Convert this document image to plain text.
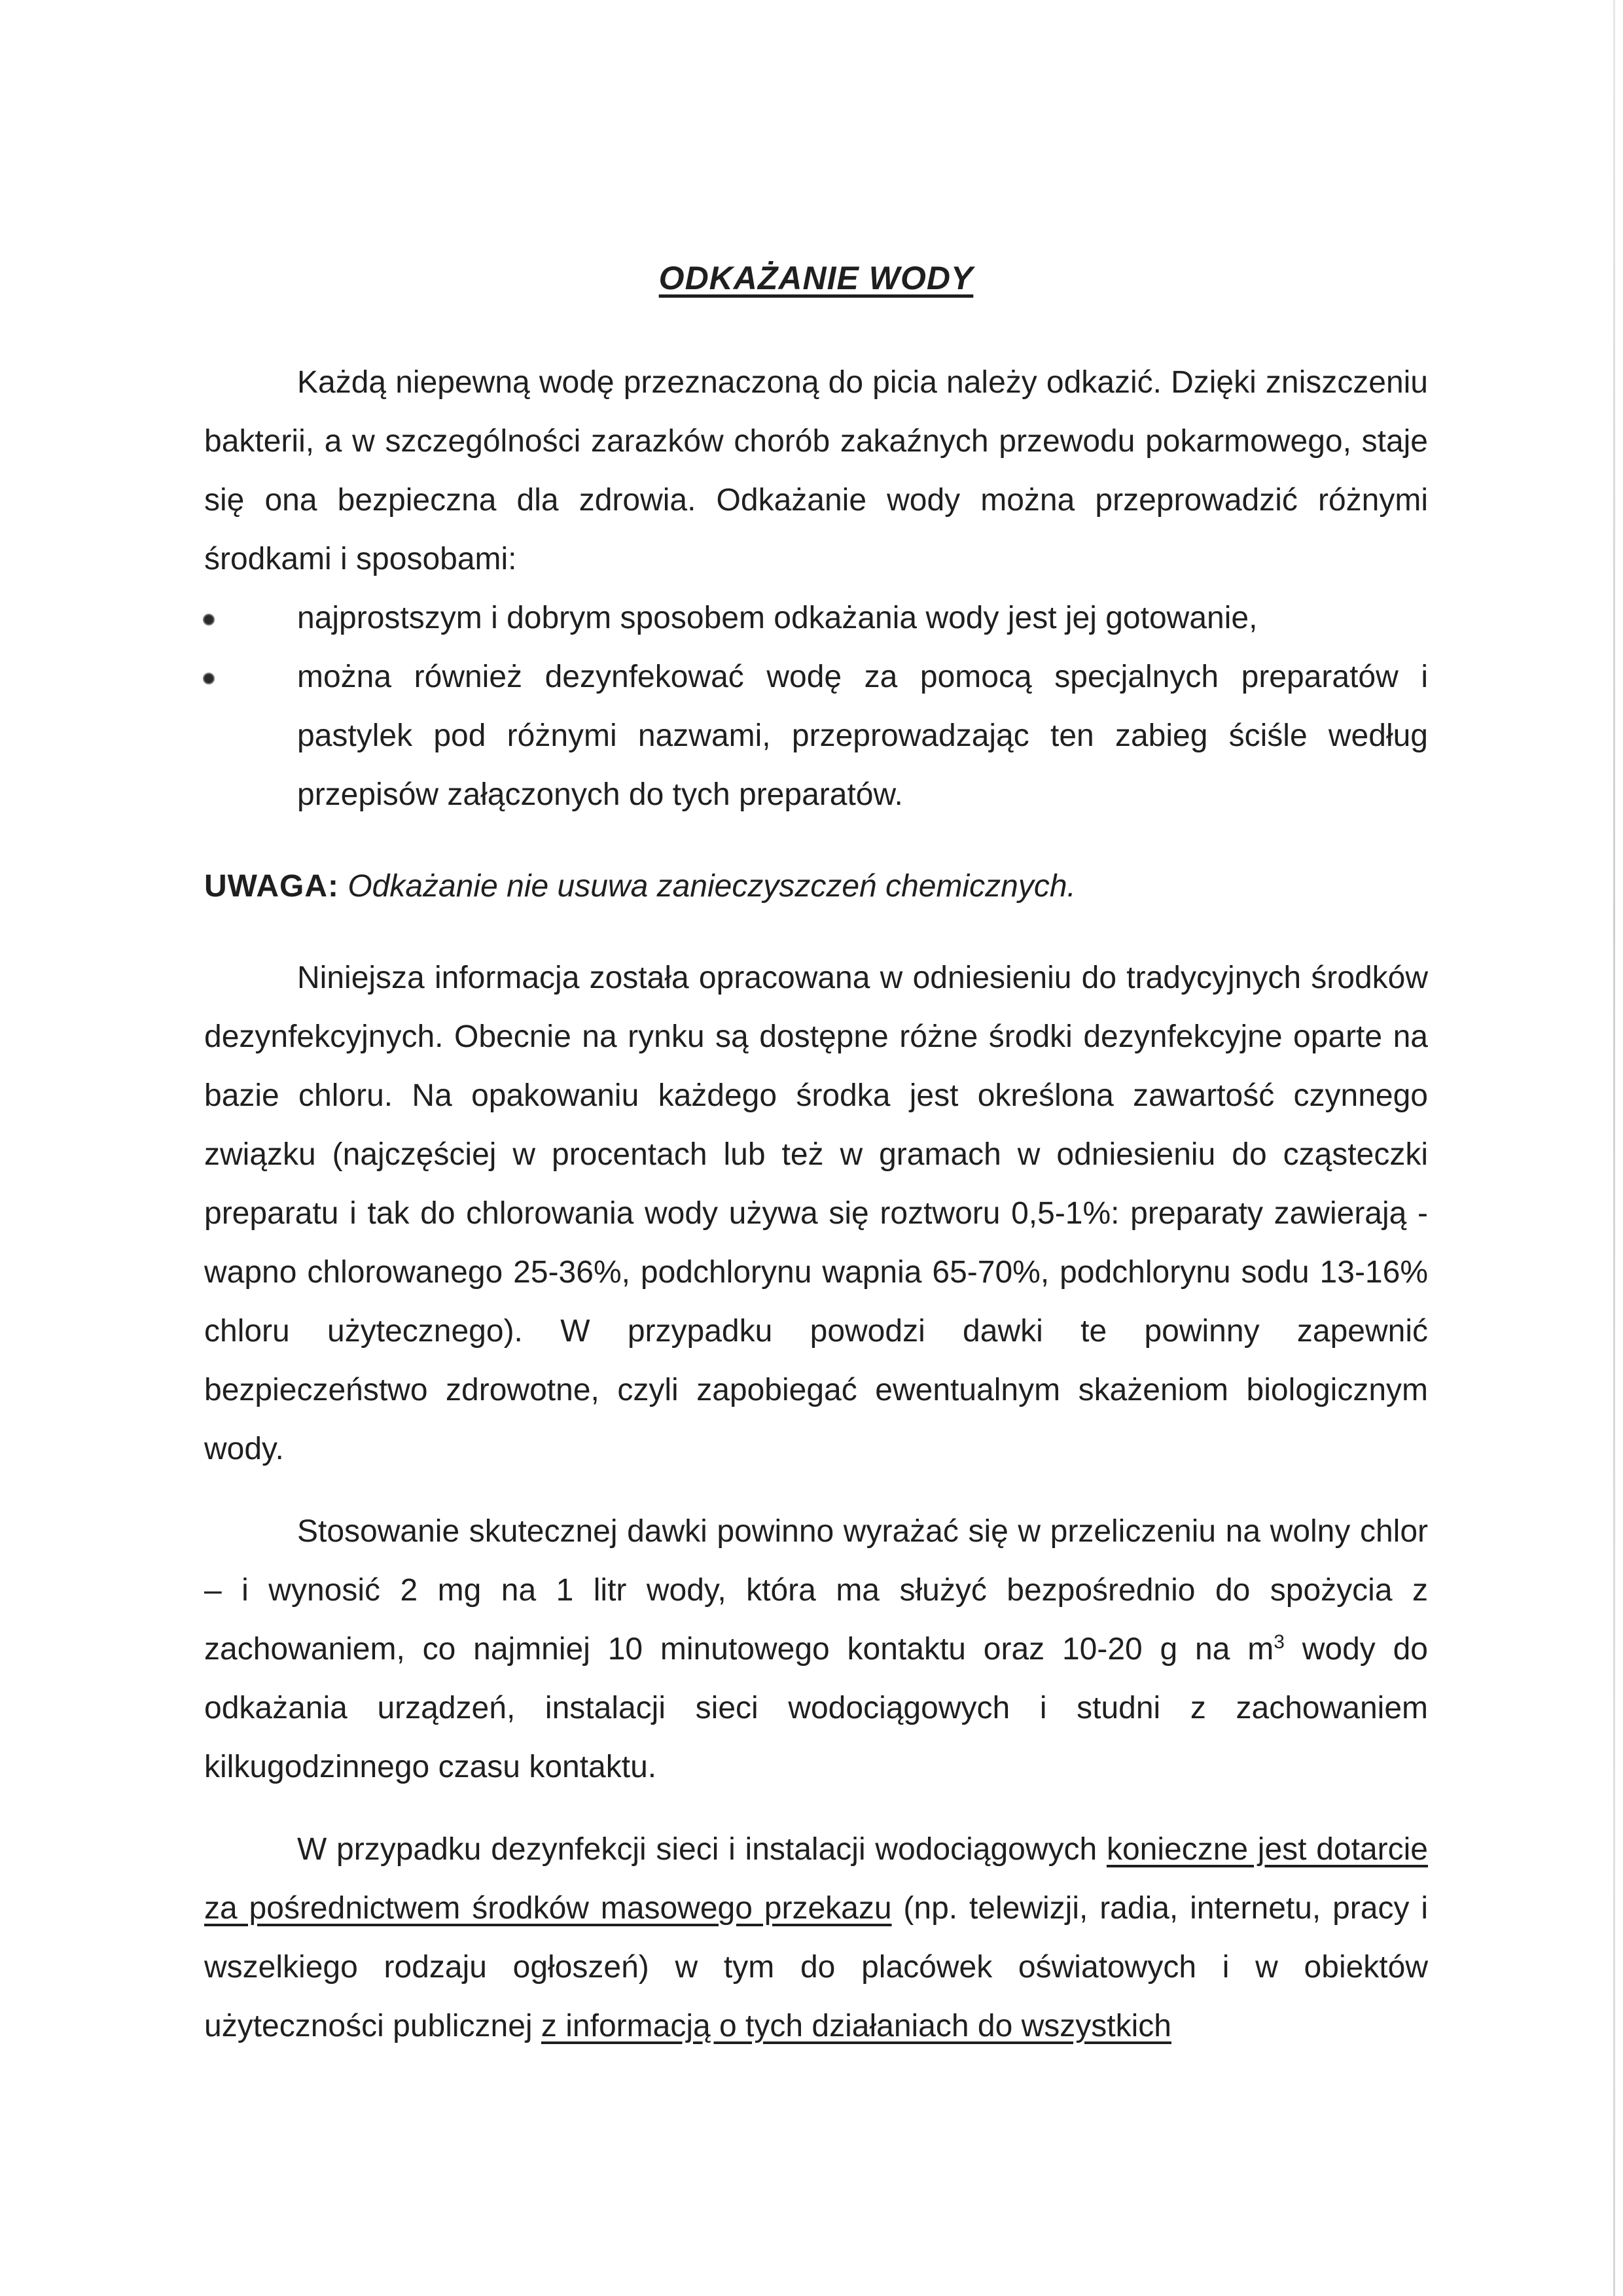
ODKAŻANIE WODY

Każdą niepewną wodę przeznaczoną do picia należy odkazić. Dzięki zniszczeniu bakterii, a w szczególności zarazków chorób zakaźnych przewodu pokarmowego, staje się ona bezpieczna dla zdrowia. Odkażanie wody można przeprowadzić różnymi środkami i sposobami:

najprostszym i dobrym sposobem odkażania wody jest jej gotowanie,
można również dezynfekować wodę za pomocą specjalnych preparatów i pastylek pod różnymi nazwami, przeprowadzając ten zabieg ściśle według przepisów załączonych do tych preparatów.

UWAGA: Odkażanie nie usuwa zanieczyszczeń chemicznych.

Niniejsza informacja została opracowana w odniesieniu do tradycyjnych środków dezynfekcyjnych. Obecnie na rynku są dostępne różne środki dezynfekcyjne oparte na bazie chloru. Na opakowaniu każdego środka jest określona zawartość czynnego związku (najczęściej w procentach lub też w gramach w odniesieniu do cząsteczki preparatu i tak do chlorowania wody używa się roztworu 0,5-1%: preparaty zawierają - wapno chlorowanego 25-36%, podchlorynu wapnia 65-70%, podchlorynu sodu 13-16% chloru użytecznego). W przypadku powodzi dawki te powinny zapewnić bezpieczeństwo zdrowotne, czyli zapobiegać ewentualnym skażeniom biologicznym wody.

Stosowanie skutecznej dawki powinno wyrażać się w przeliczeniu na wolny chlor – i wynosić 2 mg na 1 litr wody, która ma służyć bezpośrednio do spożycia z zachowaniem, co najmniej 10 minutowego kontaktu oraz 10-20 g na $m^3$ wody do odkażania urządzeń, instalacji sieci wodociągowych i studni z zachowaniem kilkugodzinnego czasu kontaktu.

W przypadku dezynfekcji sieci i instalacji wodociągowych konieczne jest dotarcie za pośrednictwem środków masowego przekazu (np. telewizji, radia, internetu, pracy i wszelkiego rodzaju ogłoszeń) w tym do placówek oświatowych i w obiektów użyteczności publicznej z informacją o tych działaniach do wszystkich
